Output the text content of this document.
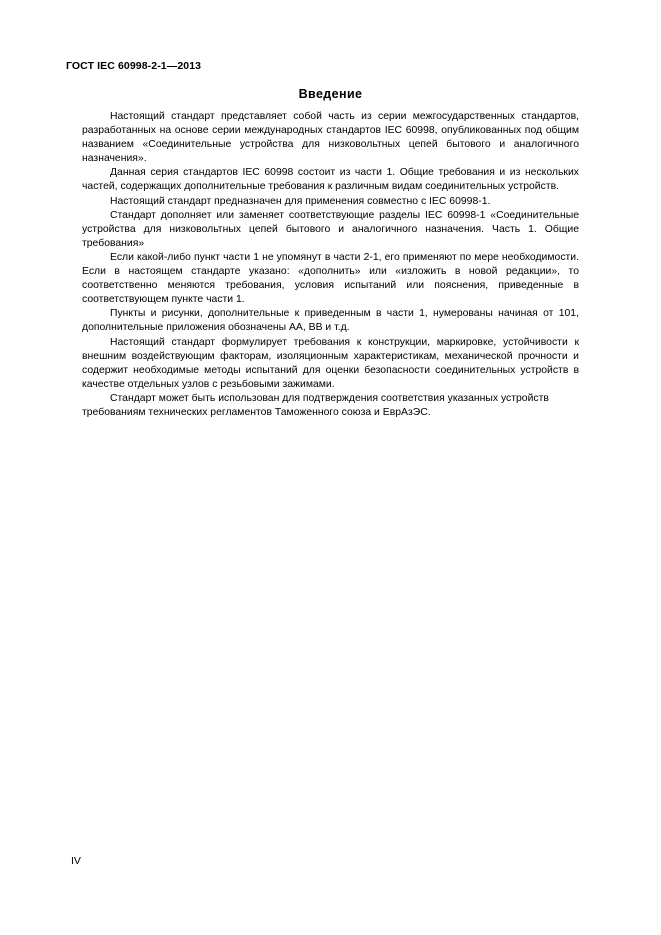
ГОСТ IEC 60998-2-1—2013
Введение

Настоящий стандарт представляет собой часть из серии межгосударственных стандартов, разработанных на основе серии международных стандартов IEC 60998, опубликованных под общим названием «Соединительные устройства для низковольтных цепей бытового и аналогичного назначения».

Данная серия стандартов IEC 60998 состоит из части 1. Общие требования и из нескольких частей, содержащих дополнительные требования к различным видам соединительных устройств.

Настоящий стандарт предназначен для применения совместно с IEC 60998-1.

Стандарт дополняет или заменяет соответствующие разделы IEC 60998-1 «Соединительные устройства для низковольтных цепей бытового и аналогичного назначения. Часть 1. Общие требования»

Если какой-либо пункт части 1 не упомянут в части 2-1, его применяют по мере необходимости. Если в настоящем стандарте указано: «дополнить» или «изложить в новой редакции», то соответственно меняются требования, условия испытаний или пояснения, приведенные в соответствующем пункте части 1.

Пункты и рисунки, дополнительные к приведенным в части 1, нумерованы начиная от 101, дополнительные приложения обозначены АА, ВВ и т.д.

Настоящий стандарт формулирует требования к конструкции, маркировке, устойчивости к внешним воздействующим факторам, изоляционным характеристикам, механической прочности и содержит необходимые методы испытаний для оценки безопасности соединительных устройств в качестве отдельных узлов с резьбовыми зажимами.

Стандарт может быть использован для подтверждения соответствия указанных устройств требованиям технических регламентов Таможенного союза и ЕврАзЭС.

IV
